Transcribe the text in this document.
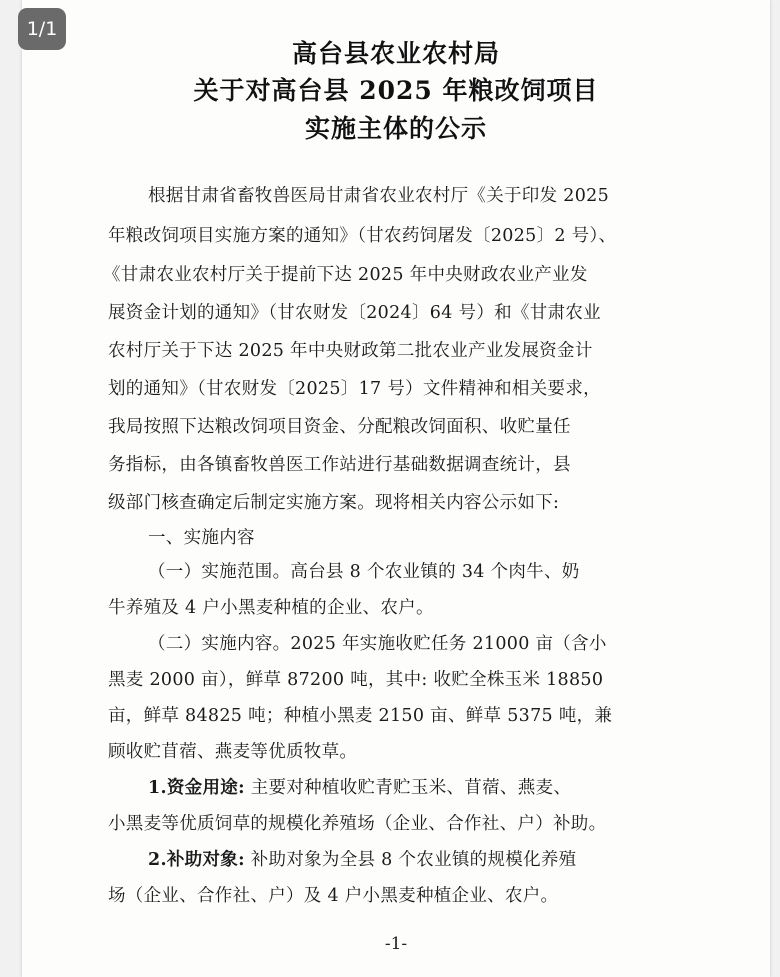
1/1
高台县农业农村局
关于对高台县 2025 年粮改饲项目
实施主体的公示
根据甘肃省畜牧兽医局甘肃省农业农村厅《关于印发 2025
年粮改饲项目实施方案的通知》（甘农药饲屠发〔2025〕2 号）、
《甘肃农业农村厅关于提前下达 2025 年中央财政农业产业发
展资金计划的通知》（甘农财发〔2024〕64 号）和《甘肃农业
农村厅关于下达 2025 年中央财政第二批农业产业发展资金计
划的通知》（甘农财发〔2025〕17 号）文件精神和相关要求，
我局按照下达粮改饲项目资金、分配粮改饲面积、收贮量任
务指标，由各镇畜牧兽医工作站进行基础数据调查统计，县
级部门核查确定后制定实施方案。现将相关内容公示如下:
一、实施内容
（一）实施范围。高台县 8 个农业镇的 34 个肉牛、奶
牛养殖及 4 户小黑麦种植的企业、农户。
（二）实施内容。2025 年实施收贮任务 21000 亩（含小
黑麦 2000 亩），鲜草 87200 吨，其中: 收贮全株玉米 18850
亩，鲜草 84825 吨；种植小黑麦 2150 亩、鲜草 5375 吨，兼
顾收贮苜蓿、燕麦等优质牧草。
1.资金用途: 主要对种植收贮青贮玉米、苜蓿、燕麦、
小黑麦等优质饲草的规模化养殖场（企业、合作社、户）补助。
2.补助对象: 补助对象为全县 8 个农业镇的规模化养殖
场（企业、合作社、户）及 4 户小黑麦种植企业、农户。
-1-
